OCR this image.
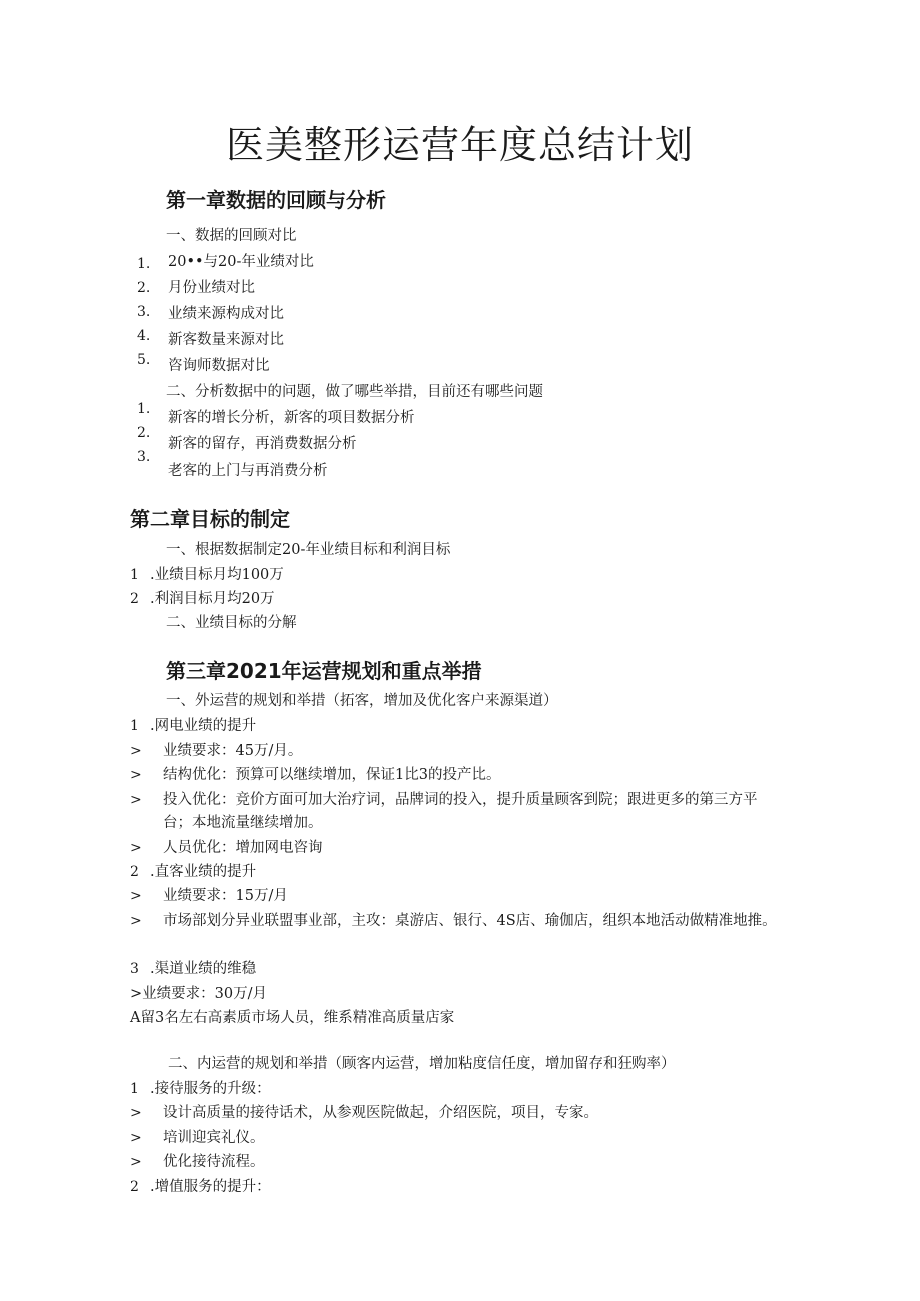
医美整形运营年度总结计划
第一章数据的回顾与分析
一、数据的回顾对比
1.
2.
3.
4.
5.
20••与20-年业绩对比
月份业绩对比
业绩来源构成对比
新客数量来源对比
咨询师数据对比
二、分析数据中的问题，做了哪些举措，目前还有哪些问题
1.
2.
3.
新客的增长分析，新客的项目数据分析
新客的留存，再消费数据分析
老客的上门与再消费分析
第二章目标的制定
一、根据数据制定20-年业绩目标和利润目标
1 .业绩目标月均100万
2 .利润目标月均20万
二、业绩目标的分解
第三章2021年运营规划和重点举措
一、外运营的规划和举措（拓客，增加及优化客户来源渠道）
1 .网电业绩的提升
> 业绩要求：45万/月。
> 结构优化：预算可以继续增加，保证1比3的投产比。
> 投入优化：竞价方面可加大治疗词，品牌词的投入，提升质量顾客到院；跟进更多的第三方平台；本地流量继续增加。
> 人员优化：增加网电咨询
2 .直客业绩的提升
> 业绩要求：15万/月
> 市场部划分异业联盟事业部，主攻：桌游店、银行、4S店、瑜伽店，组织本地活动做精准地推。
3 .渠道业绩的维稳
>业绩要求：30万/月
A留3名左右高素质市场人员，维系精准高质量店家
二、内运营的规划和举措（顾客内运营，增加粘度信任度，增加留存和狂购率）
1 .接待服务的升级：
> 设计高质量的接待话术，从参观医院做起，介绍医院，项目，专家。
> 培训迎宾礼仪。
> 优化接待流程。
2 .增值服务的提升：
